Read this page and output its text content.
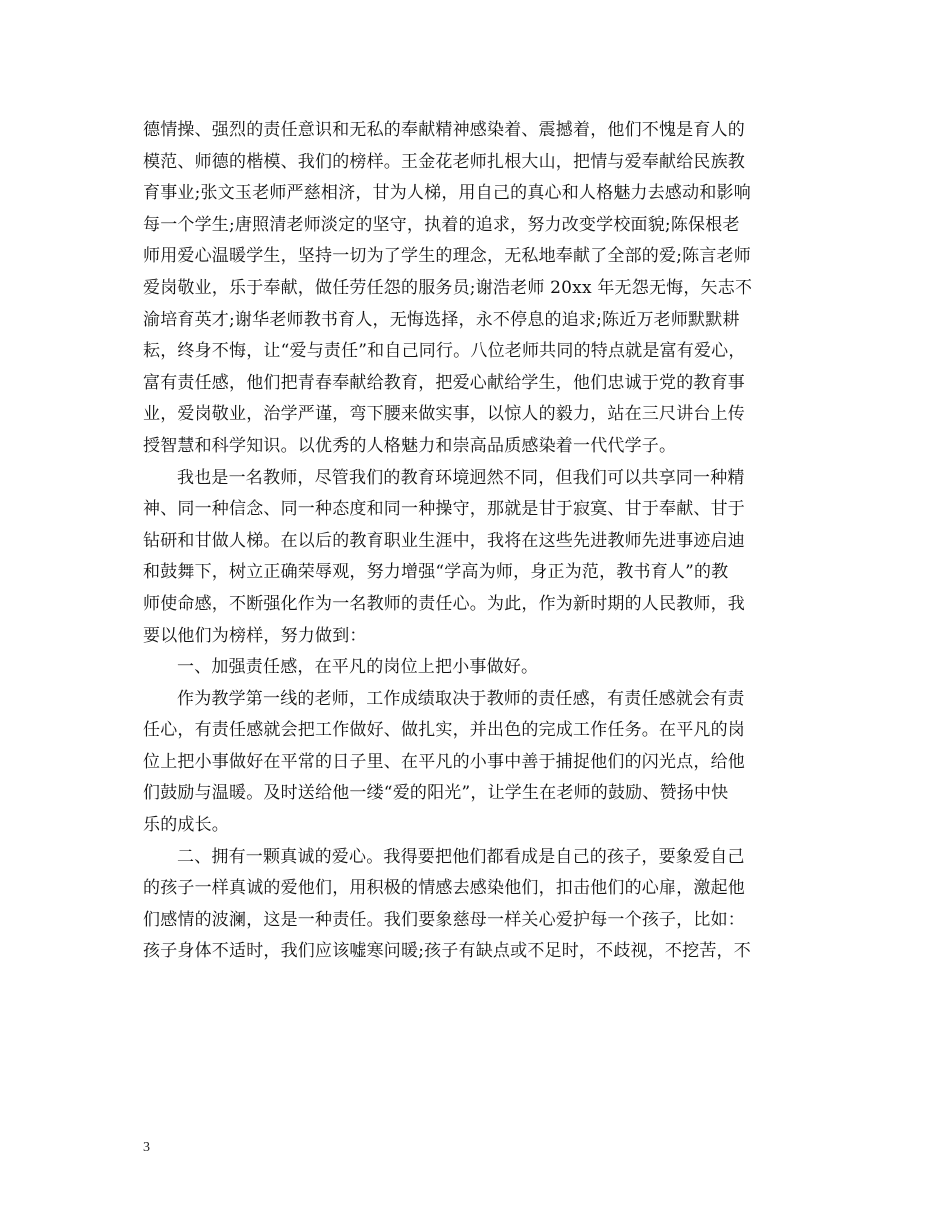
德情操、强烈的责任意识和无私的奉献精神感染着、震撼着，他们不愧是育人的
模范、师德的楷模、我们的榜样。王金花老师扎根大山，把情与爱奉献给民族教
育事业;张文玉老师严慈相济，甘为人梯，用自己的真心和人格魅力去感动和影响
每一个学生;唐照清老师淡定的坚守，执着的追求，努力改变学校面貌;陈保根老
师用爱心温暖学生，坚持一切为了学生的理念，无私地奉献了全部的爱;陈言老师
爱岗敬业，乐于奉献，做任劳任怨的服务员;谢浩老师 20xx 年无怨无悔，矢志不
渝培育英才;谢华老师教书育人，无悔选择，永不停息的追求;陈近万老师默默耕
耘，终身不悔，让“爱与责任”和自己同行。八位老师共同的特点就是富有爱心，
富有责任感，他们把青春奉献给教育，把爱心献给学生，他们忠诚于党的教育事
业，爱岗敬业，治学严谨，弯下腰来做实事，以惊人的毅力，站在三尺讲台上传
授智慧和科学知识。以优秀的人格魅力和崇高品质感染着一代代学子。
我也是一名教师，尽管我们的教育环境迥然不同，但我们可以共享同一种精
神、同一种信念、同一种态度和同一种操守，那就是甘于寂寞、甘于奉献、甘于
钻研和甘做人梯。在以后的教育职业生涯中，我将在这些先进教师先进事迹启迪
和鼓舞下，树立正确荣辱观，努力增强“学高为师，身正为范，教书育人”的教
师使命感，不断强化作为一名教师的责任心。为此，作为新时期的人民教师，我
要以他们为榜样，努力做到：
一、加强责任感，在平凡的岗位上把小事做好。
作为教学第一线的老师，工作成绩取决于教师的责任感，有责任感就会有责
任心，有责任感就会把工作做好、做扎实，并出色的完成工作任务。在平凡的岗
位上把小事做好在平常的日子里、在平凡的小事中善于捕捉他们的闪光点，给他
们鼓励与温暖。及时送给他一缕“爱的阳光”，让学生在老师的鼓励、赞扬中快
乐的成长。
二、拥有一颗真诚的爱心。我得要把他们都看成是自己的孩子，要象爱自己
的孩子一样真诚的爱他们，用积极的情感去感染他们，扣击他们的心扉，激起他
们感情的波澜，这是一种责任。我们要象慈母一样关心爱护每一个孩子，比如：
孩子身体不适时，我们应该嘘寒问暖;孩子有缺点或不足时，不歧视，不挖苦，不
3
